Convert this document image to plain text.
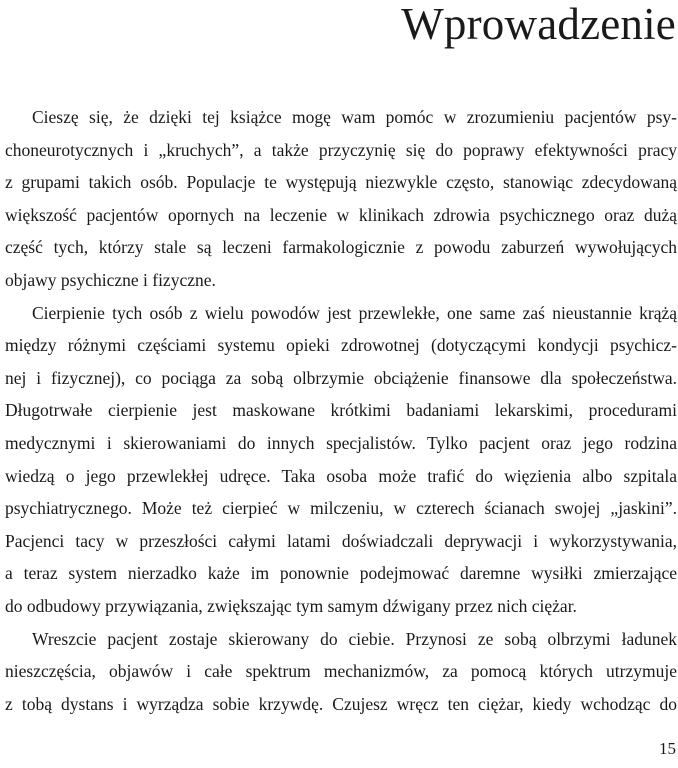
Wprowadzenie
Cieszę się, że dzięki tej książce mogę wam pomóc w zrozumieniu pacjentów psy-
choneurotycznych i „kruchych”, a także przyczynię się do poprawy efektywności pracy
z grupami takich osób. Populacje te występują niezwykle często, stanowiąc zdecydowaną
większość pacjentów opornych na leczenie w klinikach zdrowia psychicznego oraz dużą
część tych, którzy stale są leczeni farmakologicznie z powodu zaburzeń wywołujących
objawy psychiczne i fizyczne.
Cierpienie tych osób z wielu powodów jest przewlekłe, one same zaś nieustannie krążą
między różnymi częściami systemu opieki zdrowotnej (dotyczącymi kondycji psychicz-
nej i fizycznej), co pociąga za sobą olbrzymie obciążenie finansowe dla społeczeństwa.
Długotrwałe cierpienie jest maskowane krótkimi badaniami lekarskimi, procedurami
medycznymi i skierowaniami do innych specjalistów. Tylko pacjent oraz jego rodzina
wiedzą o jego przewlekłej udręce. Taka osoba może trafić do więzienia albo szpitala
psychiatrycznego. Może też cierpieć w milczeniu, w czterech ścianach swojej „jaskini”.
Pacjenci tacy w przeszłości całymi latami doświadczali deprywacji i wykorzystywania,
a teraz system nierzadko każe im ponownie podejmować daremne wysiłki zmierzające
do odbudowy przywiązania, zwiększając tym samym dźwigany przez nich ciężar.
Wreszcie pacjent zostaje skierowany do ciebie. Przynosi ze sobą olbrzymi ładunek
nieszczęścia, objawów i całe spektrum mechanizmów, za pomocą których utrzymuje
z tobą dystans i wyrządza sobie krzywdę. Czujesz wręcz ten ciężar, kiedy wchodząc do

15
